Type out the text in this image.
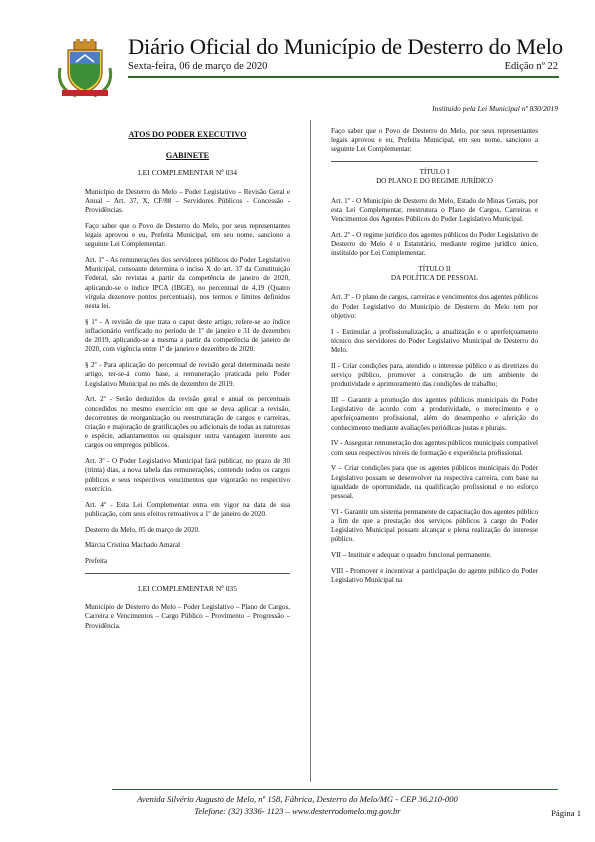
Diário Oficial do Município de Desterro do Melo
Sexta-feira, 06 de março de 2020	Edição nº 22
Instituído pela Lei Municipal nº 830/2019
ATOS DO PODER EXECUTIVO
GABINETE
LEI COMPLEMENTAR Nº 034

Município de Desterro do Melo – Poder Legislativo – Revisão Geral e Anual – Art. 37, X, CF/88 – Servidores Públicos - Concessão - Providências.

Faço saber que o Povo de Desterro do Melo, por seus representantes legais aprovou e eu, Prefeita Municipal, em seu nome, sanciono a seguinte Lei Complementar:

Art. 1º - As remunerações dos servidores públicos do Poder Legislativo Municipal, consoante determina o inciso X do art. 37 da Constituição Federal, são revistas a partir da competência de janeiro de 2020, aplicando-se o índice IPCA (IBGE), no percentual de 4,19 (Quatro vírgula dezenove pontos percentuais), nos termos e limites definidos nesta lei.

§ 1º - A revisão de que trata o caput deste artigo, refere-se ao índice inflacionário verificado no período de 1º de janeiro e 31 de dezembro de 2019, aplicando-se a mesma a partir da competência de janeiro de 2020, com vigência entre 1º de janeiro e dezembro de 2020.

§ 2º - Para aplicação do percentual de revisão geral determinada neste artigo, ter-se-á como base, a remuneração praticada pelo Poder Legislativo Municipal no mês de dezembro de 2019.

Art. 2º - Serão deduzidos da revisão geral e anual os percentuais concedidos no mesmo exercício em que se deva aplicar a revisão, decorrentes de reorganização ou reestruturação de cargos e carreiras, criação e majoração de gratificações ou adicionais de todas as naturezas e espécie, adiantamentos ou quaisquer outra vantagem inerente aos cargos ou empregos públicos.

Art. 3º - O Poder Legislativo Municipal fará publicar, no prazo de 30 (trinta) dias, a nova tabela das remunerações, contendo todos os cargos públicos e seus respectivos vencimentos que vigorarão no respectivo exercício.

Art. 4º - Esta Lei Complementar entra em vigor na data de sua publicação, com seus efeitos retroativos a 1º de janeiro de 2020.

Desterro do Melo, 05 de março de 2020.

Márcia Cristina Machado Amaral

Prefeita

LEI COMPLEMENTAR Nº 035

Município de Desterro do Melo – Poder Legislativo – Plano de Cargos, Carreira e Vencimentos – Cargo Público – Provimento – Progressão – Providência.

Faço saber que o Povo de Desterro do Melo, por seus representantes legais aprovou e eu, Prefeita Municipal, em seu nome, sanciono a seguinte Lei Complementar:

TÍTULO I

DO PLANO E DO REGIME JURÍDICO

Art. 1º - O Município de Desterro do Melo, Estado de Minas Gerais, por esta Lei Complementar, reestrutura o Plano de Cargos, Carreiras e Vencimentos dos Agentes Públicos do Poder Legislativo Municipal.

Art. 2º - O regime jurídico dos agentes públicos do Poder Legislativo de Desterro do Melo é o Estatutário, mediante regime jurídico único, instituído por Lei Complementar.

TÍTULO II

DA POLÍTICA DE PESSOAL

Art. 3º - O plano de cargos, carreiras e vencimentos dos agentes públicos do Poder Legislativo do Município de Desterro do Melo tem por objetivo:

I - Estimular a profissionalização, a atualização e o aperfeiçoamento técnico dos servidores do Poder Legislativo Municipal de Desterro do Melo.

II - Criar condições para, atendido o interesse público e as diretrizes do serviço público, promover a construção de um ambiente de produtividade e aprimoramento das condições de trabalho;

III – Garantir a promoção dos agentes públicos municipais do Poder Legislativo de acordo com a produtividade, o merecimento e o aperfeiçoamento profissional, além do desempenho e aferição do conhecimento mediante avaliações periódicas justas e plurais.

IV - Assegurar remuneração dos agentes públicos municipais compatível com seus respectivos níveis de formação e experiência profissional.

V – Criar condições para que os agentes públicos municipais do Poder Legislativo possam se desenvolver na respectiva carreira, com base na igualdade de oportunidade, na qualificação profissional e no esforço pessoal.

VI - Garantir um sistema permanente de capacitação dos agentes público a fim de que a prestação dos serviços públicos à cargo do Poder Legislativo Municipal possam alcançar e plena realização do interesse público.

VII – Instituir e adequar o quadro funcional permanente.

VIII - Promover e incentivar a participação do agente público do Poder Legislativo Municipal na

Avenida Silvério Augusto de Melo, nº 158, Fábrica, Desterro do Melo/MG - CEP 36.210-000
Telefone: (32) 3336- 1123 – www.desterrodomelo.mg.gov.br	Página 1
